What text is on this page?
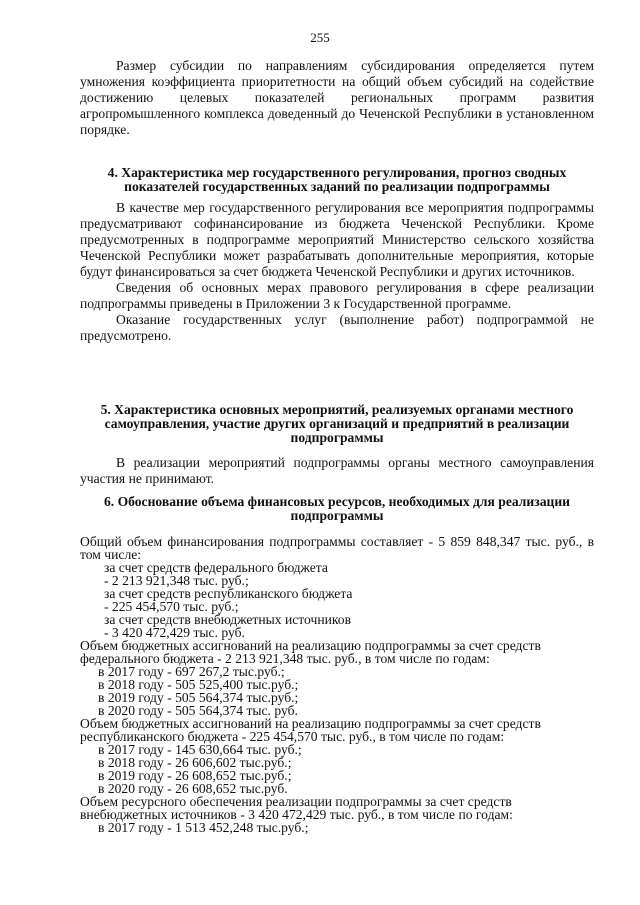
255

Размер субсидии по направлениям субсидирования определяется путем умножения коэффициента приоритетности на общий объем субсидий на содействие достижению целевых показателей региональных программ развития агропромышленного комплекса доведенный до Чеченской Республики в установленном порядке.

4. Характеристика мер государственного регулирования, прогноз сводных показателей государственных заданий по реализации подпрограммы

В качестве мер государственного регулирования все мероприятия подпрограммы предусматривают софинансирование из бюджета Чеченской Республики. Кроме предусмотренных в подпрограмме мероприятий Министерство сельского хозяйства Чеченской Республики может разрабатывать дополнительные мероприятия, которые будут финансироваться за счет бюджета Чеченской Республики и других источников.

Сведения об основных мерах правового регулирования в сфере реализации подпрограммы приведены в Приложении 3 к Государственной программе.

Оказание государственных услуг (выполнение работ) подпрограммой не предусмотрено.

5. Характеристика основных мероприятий, реализуемых органами местного самоуправления, участие других организаций и предприятий в реализации подпрограммы

В реализации мероприятий подпрограммы органы местного самоуправления участия не принимают.

6. Обоснование объема финансовых ресурсов, необходимых для реализации подпрограммы

Общий объем финансирования подпрограммы составляет - 5 859 848,347 тыс. руб., в том числе:

за счет средств федерального бюджета

- 2 213 921,348 тыс. руб.;

за счет средств республиканского бюджета

- 225 454,570 тыс. руб.;

за счет средств внебюджетных источников

- 3 420 472,429 тыс. руб.

Объем бюджетных ассигнований на реализацию подпрограммы за счет средств федерального бюджета - 2 213 921,348 тыс. руб., в том числе по годам:

в 2017 году - 697 267,2 тыс.руб.;

в 2018 году - 505 525,400 тыс.руб.;

в 2019 году - 505 564,374 тыс.руб.;

в 2020 году - 505 564,374 тыс. руб.

Объем бюджетных ассигнований на реализацию подпрограммы за счет средств республиканского бюджета - 225 454,570 тыс. руб., в том числе по годам:

в 2017 году - 145 630,664 тыс. руб.;

в 2018 году - 26 606,602 тыс.руб.;

в 2019 году - 26 608,652 тыс.руб.;

в 2020 году - 26 608,652 тыс.руб.

Объем ресурсного обеспечения реализации подпрограммы за счет средств внебюджетных источников - 3 420 472,429 тыс. руб., в том числе по годам:

в 2017 году - 1 513 452,248 тыс.руб.;
